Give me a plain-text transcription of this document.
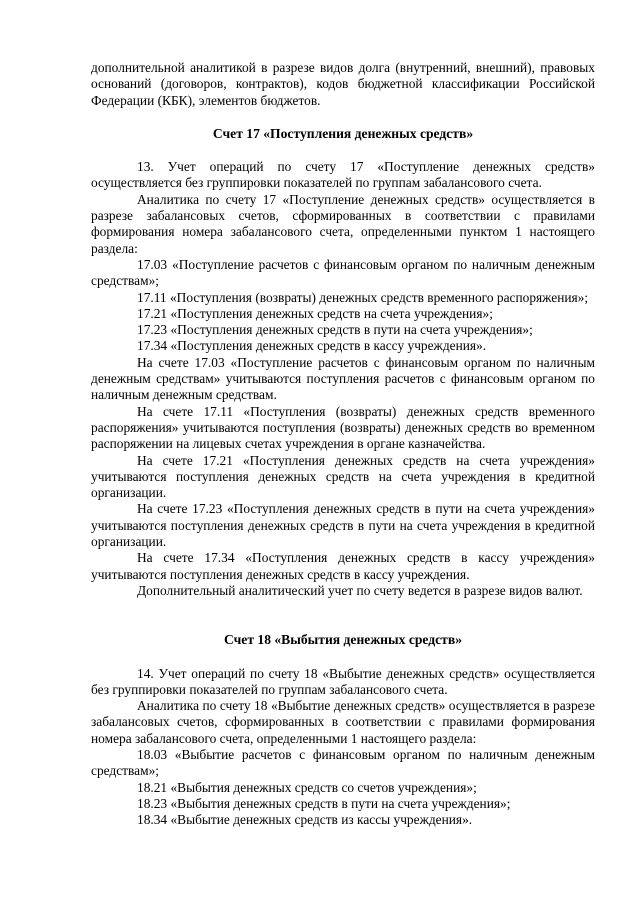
дополнительной аналитикой в разрезе видов долга (внутренний, внешний), правовых оснований (договоров, контрактов), кодов бюджетной классификации Российской Федерации (КБК), элементов бюджетов.

Счет 17 «Поступления денежных средств»

13. Учет операций по счету 17 «Поступление денежных средств» осуществляется без группировки показателей по группам забалансового счета.

Аналитика по счету 17 «Поступление денежных средств» осуществляется в разрезе забалансовых счетов, сформированных в соответствии с правилами формирования номера забалансового счета, определенными пунктом 1 настоящего раздела:

17.03 «Поступление расчетов с финансовым органом по наличным денежным средствам»;

17.11 «Поступления (возвраты) денежных средств временного распоряжения»;

17.21 «Поступления денежных средств на счета учреждения»;

17.23 «Поступления денежных средств в пути на счета учреждения»;

17.34 «Поступления денежных средств в кассу учреждения».

На счете 17.03 «Поступление расчетов с финансовым органом по наличным денежным средствам» учитываются поступления расчетов с финансовым органом по наличным денежным средствам.

На счете 17.11 «Поступления (возвраты) денежных средств временного распоряжения» учитываются поступления (возвраты) денежных средств во временном распоряжении на лицевых счетах учреждения в органе казначейства.

На счете 17.21 «Поступления денежных средств на счета учреждения» учитываются поступления денежных средств на счета учреждения в кредитной организации.

На счете 17.23 «Поступления денежных средств в пути на счета учреждения» учитываются поступления денежных средств в пути на счета учреждения в кредитной организации.

На счете 17.34 «Поступления денежных средств в кассу учреждения» учитываются поступления денежных средств в кассу учреждения.

Дополнительный аналитический учет по счету ведется в разрезе видов валют.

Счет 18 «Выбытия денежных средств»

14. Учет операций по счету 18 «Выбытие денежных средств» осуществляется без группировки показателей по группам забалансового счета.

Аналитика по счету 18 «Выбытие денежных средств» осуществляется в разрезе забалансовых счетов, сформированных в соответствии с правилами формирования номера забалансового счета, определенными 1 настоящего раздела:

18.03 «Выбытие расчетов с финансовым органом по наличным денежным средствам»;

18.21 «Выбытия денежных средств со счетов учреждения»;

18.23 «Выбытия денежных средств в пути на счета учреждения»;

18.34 «Выбытие денежных средств из кассы учреждения».
